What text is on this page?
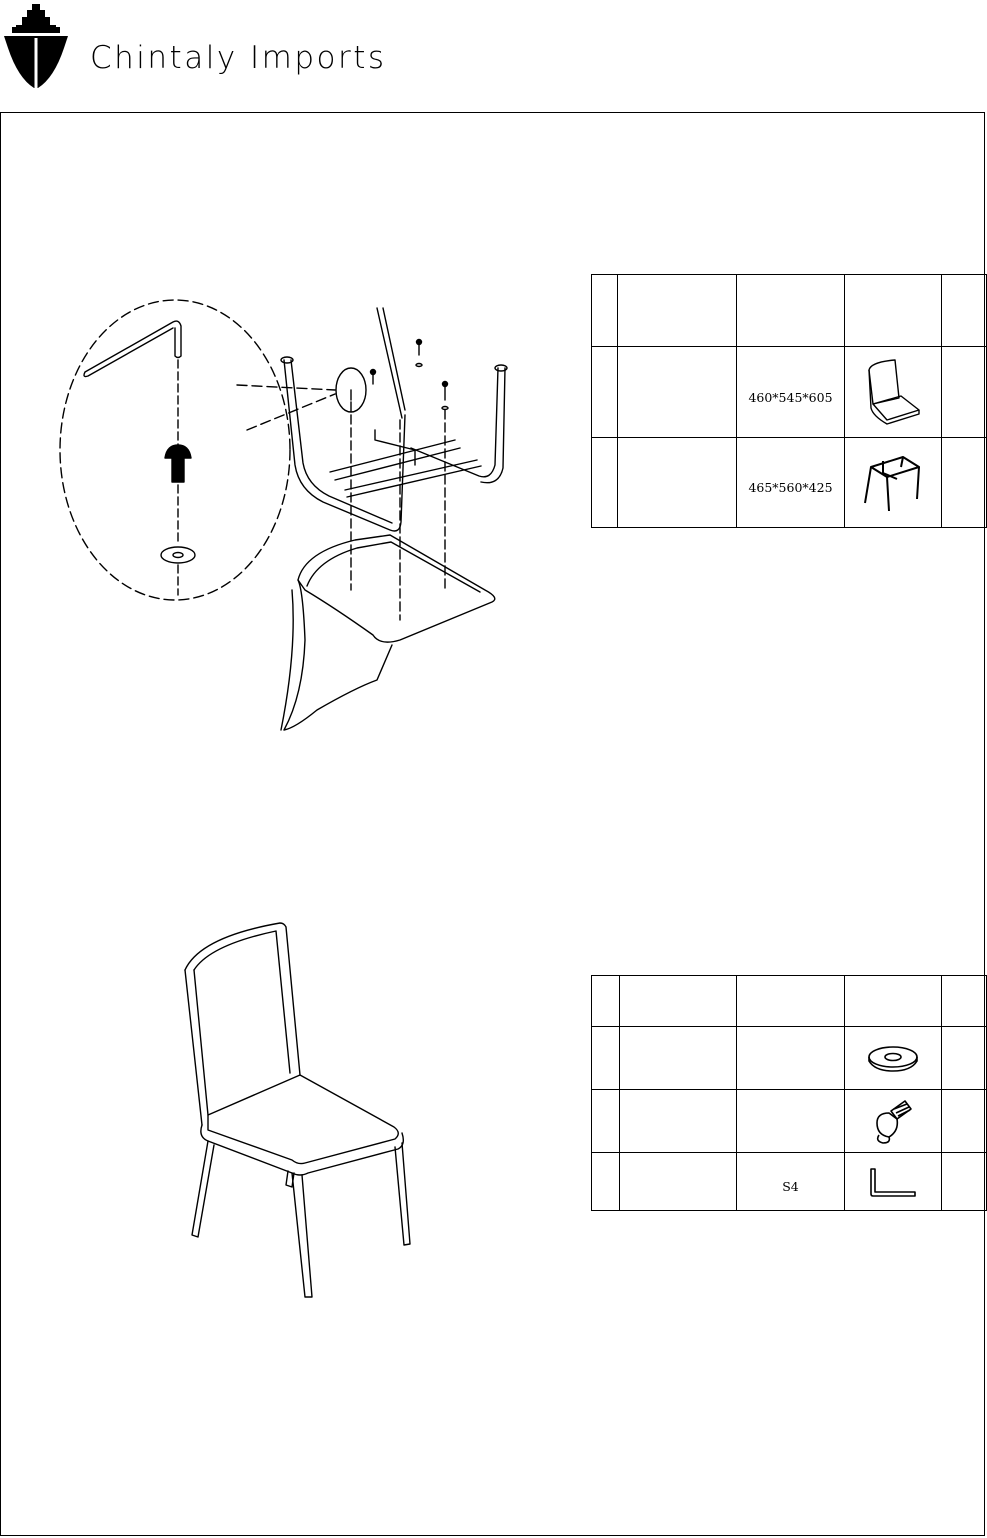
Chintaly Imports

		460*545*605	

		465*560*425	

		S4	
